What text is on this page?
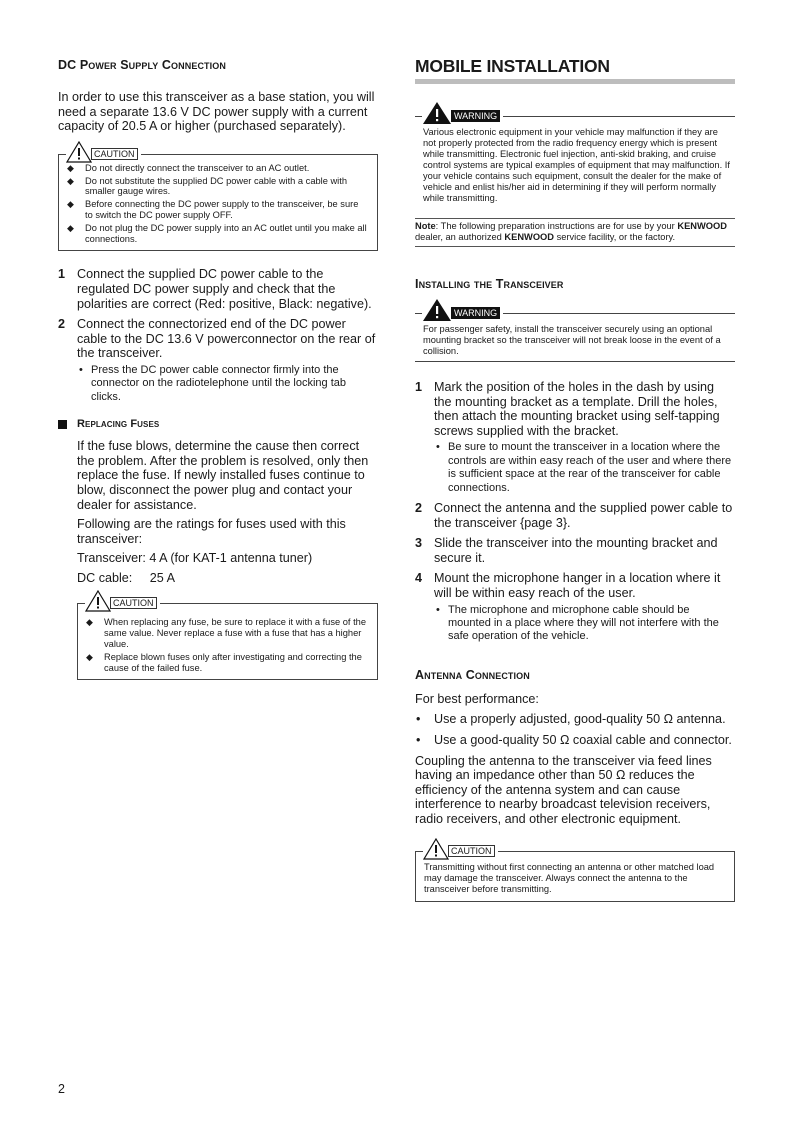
DC Power Supply Connection

In order to use this transceiver as a base station, you will need a separate 13.6 V DC power supply with a current capacity of 20.5 A or higher (purchased separately).

CAUTION
◆ Do not directly connect the transceiver to an AC outlet.
◆ Do not substitute the supplied DC power cable with a cable with smaller gauge wires.
◆ Before connecting the DC power supply to the transceiver, be sure to switch the DC power supply OFF.
◆ Do not plug the DC power supply into an AC outlet until you make all connections.
1 Connect the supplied DC power cable to the regulated DC power supply and check that the polarities are correct (Red: positive, Black: negative).
2 Connect the connectorized end of the DC power cable to the DC 13.6 V powerconnector on the rear of the transceiver.
• Press the DC power cable connector firmly into the connector on the radiotelephone until the locking tab clicks.
Replacing Fuses

If the fuse blows, determine the cause then correct the problem. After the problem is resolved, only then replace the fuse. If newly installed fuses continue to blow, disconnect the power plug and contact your dealer for assistance.

Following are the ratings for fuses used with this transceiver:

Transceiver: 4 A (for KAT-1 antenna tuner)

DC cable:     25 A

CAUTION
◆ When replacing any fuse, be sure to replace it with a fuse of the same value. Never replace a fuse with a fuse that has a higher value.
◆ Replace blown fuses only after investigating and correcting the cause of the failed fuse.
MOBILE INSTALLATION
WARNING

Various electronic equipment in your vehicle may malfunction if they are not properly protected from the radio frequency energy which is present while transmitting. Electronic fuel injection, anti-skid braking, and cruise control systems are typical examples of equipment that may malfunction. If your vehicle contains such equipment, consult the dealer for the make of vehicle and enlist his/her aid in determining if they will perform normally while transmitting.

Note: The following preparation instructions are for use by your KENWOOD dealer, an authorized KENWOOD service facility, or the factory.
Installing the Transceiver
WARNING

For passenger safety, install the transceiver securely using an optional mounting bracket so the transceiver will not break loose in the event of a collision.

1 Mark the position of the holes in the dash by using the mounting bracket as a template. Drill the holes, then attach the mounting bracket using self-tapping screws supplied with the bracket.
• Be sure to mount the transceiver in a location where the controls are within easy reach of the user and where there is sufficient space at the rear of the transceiver for cable connections.
2 Connect the antenna and the supplied power cable to the transceiver {page 3}.
3 Slide the transceiver into the mounting bracket and secure it.
4 Mount the microphone hanger in a location where it will be within easy reach of the user.
• The microphone and microphone cable should be mounted in a place where they will not interfere with the safe operation of the vehicle.
Antenna Connection

For best performance:

• Use a properly adjusted, good-quality 50 Ω antenna.
• Use a good-quality 50 Ω coaxial cable and connector.

Coupling the antenna to the transceiver via feed lines having an impedance other than 50 Ω reduces the efficiency of the antenna system and can cause interference to nearby broadcast television receivers, radio receivers, and other electronic equipment.

CAUTION

Transmitting without first connecting an antenna or other matched load may damage the transceiver. Always connect the antenna to the transceiver before transmitting.

2
